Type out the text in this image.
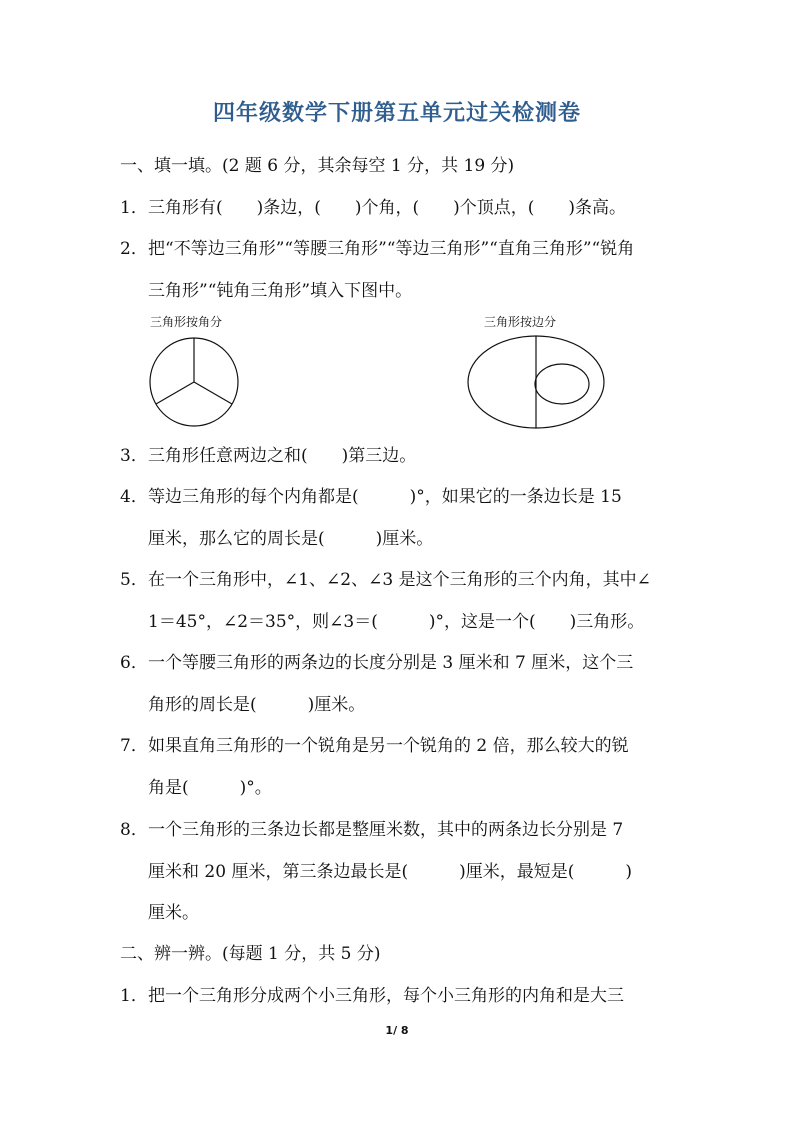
四年级数学下册第五单元过关检测卷
一、填一填。(2 题 6 分，其余每空 1 分，共 19 分)
1．三角形有(　　)条边，(　　)个角，(　　)个顶点，(　　)条高。
2．把“不等边三角形”“等腰三角形”“等边三角形”“直角三角形”“锐角
三角形”“钝角三角形”填入下图中。
三角形按角分	三角形按边分
3．三角形任意两边之和(　　)第三边。
4．等边三角形的每个内角都是(　　　)°，如果它的一条边长是 15
厘米，那么它的周长是(　　　)厘米。
5．在一个三角形中，∠1、∠2、∠3 是这个三角形的三个内角，其中∠
1＝45°，∠2＝35°，则∠3＝(　　　)°，这是一个(　　)三角形。
6．一个等腰三角形的两条边的长度分别是 3 厘米和 7 厘米，这个三
角形的周长是(　　　)厘米。
7．如果直角三角形的一个锐角是另一个锐角的 2 倍，那么较大的锐
角是(　　　)°。
8．一个三角形的三条边长都是整厘米数，其中的两条边长分别是 7
厘米和 20 厘米，第三条边最长是(　　　)厘米，最短是(　　　)
厘米。
二、辨一辨。(每题 1 分，共 5 分)
1．把一个三角形分成两个小三角形，每个小三角形的内角和是大三
1/ 8
